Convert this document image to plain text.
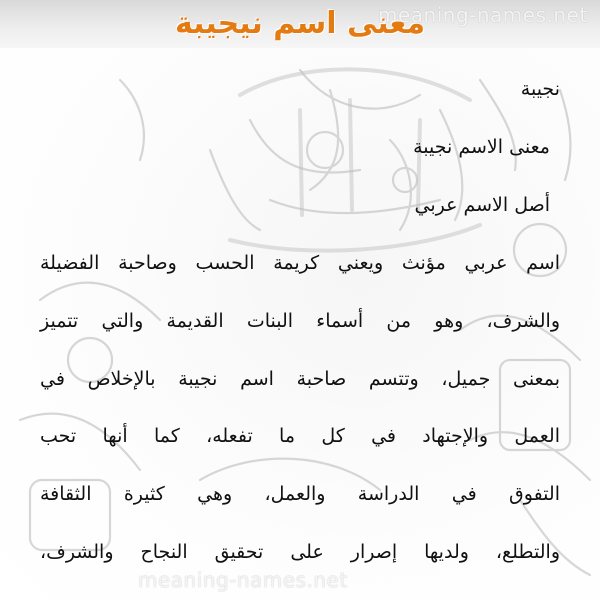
meaning-names.net
معنى اسم نيجيبة
نجيبة
معنى الاسم نجيبة
أصل الاسم عربي
اسم عربي مؤنث ويعني كريمة الحسب وصاحبة الفضيلة
والشرف، وهو من أسماء البنات القديمة والتي تتميز
بمعنى جميل، وتتسم صاحبة اسم نجيبة بالإخلاص في
العمل والإجتهاد في كل ما تفعله، كما أنها تحب
التفوق في الدراسة والعمل، وهي كثيرة الثقافة
والتطلع، ولديها إصرار على تحقيق النجاح والشرف،
meaning-names.net
